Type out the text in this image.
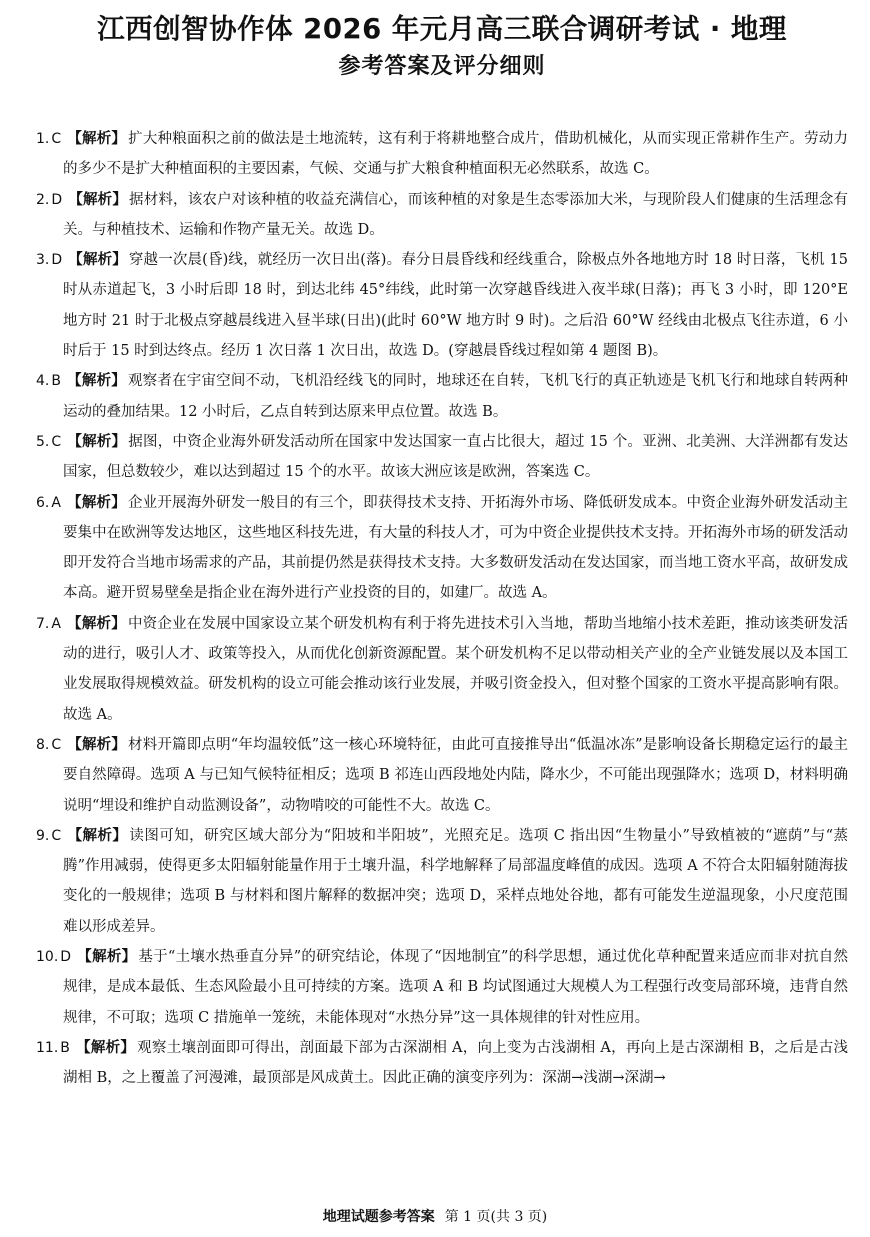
江西创智协作体 2026 年元月高三联合调研考试 · 地理
参考答案及评分细则

1. C 【解析】 扩大种粮面积之前的做法是土地流转，这有利于将耕地整合成片，借助机械化，从而实现正常耕作生产。劳动力的多少不是扩大种植面积的主要因素，气候、交通与扩大粮食种植面积无必然联系，故选 C。

2. D 【解析】 据材料，该农户对该种植的收益充满信心，而该种植的对象是生态零添加大米，与现阶段人们健康的生活理念有关。与种植技术、运输和作物产量无关。故选 D。

3. D 【解析】 穿越一次晨(昏)线，就经历一次日出(落)。春分日晨昏线和经线重合，除极点外各地地方时 18 时日落，飞机 15 时从赤道起飞，3 小时后即 18 时，到达北纬 45°纬线，此时第一次穿越昏线进入夜半球(日落)；再飞 3 小时，即 120°E 地方时 21 时于北极点穿越晨线进入昼半球(日出)(此时 60°W 地方时 9 时)。之后沿 60°W 经线由北极点飞往赤道，6 小时后于 15 时到达终点。经历 1 次日落 1 次日出，故选 D。(穿越晨昏线过程如第 4 题图 B)。

4. B 【解析】 观察者在宇宙空间不动，飞机沿经线飞的同时，地球还在自转，飞机飞行的真正轨迹是飞机飞行和地球自转两种运动的叠加结果。12 小时后，乙点自转到达原来甲点位置。故选 B。

5. C 【解析】 据图，中资企业海外研发活动所在国家中发达国家一直占比很大，超过 15 个。亚洲、北美洲、大洋洲都有发达国家，但总数较少，难以达到超过 15 个的水平。故该大洲应该是欧洲，答案选 C。

6. A 【解析】 企业开展海外研发一般目的有三个，即获得技术支持、开拓海外市场、降低研发成本。中资企业海外研发活动主要集中在欧洲等发达地区，这些地区科技先进，有大量的科技人才，可为中资企业提供技术支持。开拓海外市场的研发活动即开发符合当地市场需求的产品，其前提仍然是获得技术支持。大多数研发活动在发达国家，而当地工资水平高，故研发成本高。避开贸易壁垒是指企业在海外进行产业投资的目的，如建厂。故选 A。

7. A 【解析】 中资企业在发展中国家设立某个研发机构有利于将先进技术引入当地，帮助当地缩小技术差距，推动该类研发活动的进行，吸引人才、政策等投入，从而优化创新资源配置。某个研发机构不足以带动相关产业的全产业链发展以及本国工业发展取得规模效益。研发机构的设立可能会推动该行业发展，并吸引资金投入，但对整个国家的工资水平提高影响有限。故选 A。

8. C 【解析】 材料开篇即点明“年均温较低”这一核心环境特征，由此可直接推导出“低温冰冻”是影响设备长期稳定运行的最主要自然障碍。选项 A 与已知气候特征相反；选项 B 祁连山西段地处内陆，降水少，不可能出现强降水；选项 D，材料明确说明“埋设和维护自动监测设备”，动物啃咬的可能性不大。故选 C。

9. C 【解析】 读图可知，研究区域大部分为“阳坡和半阳坡”，光照充足。选项 C 指出因“生物量小”导致植被的“遮荫”与“蒸腾”作用减弱，使得更多太阳辐射能量作用于土壤升温，科学地解释了局部温度峰值的成因。选项 A 不符合太阳辐射随海拔变化的一般规律；选项 B 与材料和图片解释的数据冲突；选项 D，采样点地处谷地，都有可能发生逆温现象，小尺度范围难以形成差异。

10. D 【解析】 基于“土壤水热垂直分异”的研究结论，体现了“因地制宜”的科学思想，通过优化草种配置来适应而非对抗自然规律，是成本最低、生态风险最小且可持续的方案。选项 A 和 B 均试图通过大规模人为工程强行改变局部环境，违背自然规律，不可取；选项 C 措施单一笼统，未能体现对“水热分异”这一具体规律的针对性应用。

11. B 【解析】 观察土壤剖面即可得出，剖面最下部为古深湖相 A，向上变为古浅湖相 A，再向上是古深湖相 B，之后是古浅湖相 B，之上覆盖了河漫滩，最顶部是风成黄土。因此正确的演变序列为：深湖→浅湖→深湖→

地理试题参考答案 第 1 页(共 3 页)
